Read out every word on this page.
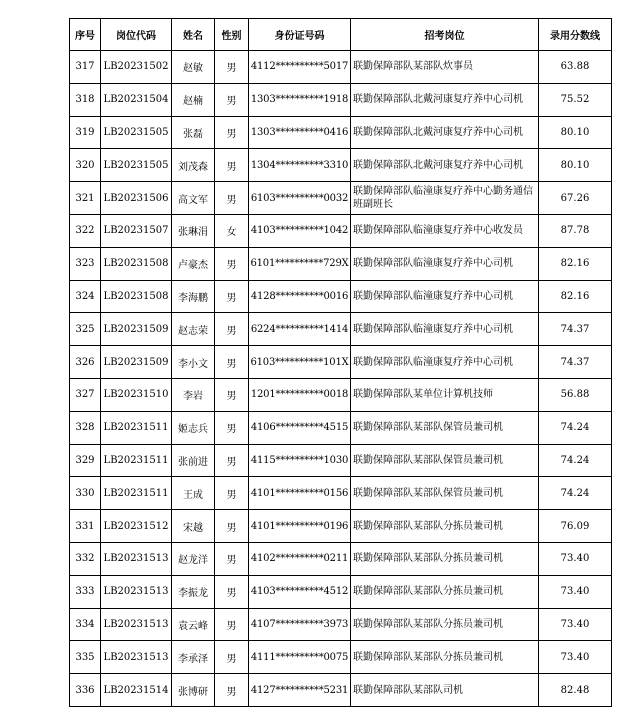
序号	岗位代码	姓名	性别	身份证号码	招考岗位	录用分数线
317	LB20231502	赵敏	男	4112**********5017	联勤保障部队某部队炊事员	63.88
318	LB20231504	赵楠	男	1303**********1918	联勤保障部队北戴河康复疗养中心司机	75.52
319	LB20231505	张磊	男	1303**********0416	联勤保障部队北戴河康复疗养中心司机	80.10
320	LB20231505	刘茂森	男	1304**********3310	联勤保障部队北戴河康复疗养中心司机	80.10
321	LB20231506	高文军	男	6103**********0032	联勤保障部队临潼康复疗养中心勤务通信班副班长	67.26
322	LB20231507	张琳涓	女	4103**********1042	联勤保障部队临潼康复疗养中心收发员	87.78
323	LB20231508	卢豪杰	男	6101**********729X	联勤保障部队临潼康复疗养中心司机	82.16
324	LB20231508	李海鹏	男	4128**********0016	联勤保障部队临潼康复疗养中心司机	82.16
325	LB20231509	赵志荣	男	6224**********1414	联勤保障部队临潼康复疗养中心司机	74.37
326	LB20231509	李小文	男	6103**********101X	联勤保障部队临潼康复疗养中心司机	74.37
327	LB20231510	李岩	男	1201**********0018	联勤保障部队某单位计算机技师	56.88
328	LB20231511	姬志兵	男	4106**********4515	联勤保障部队某部队保管员兼司机	74.24
329	LB20231511	张前进	男	4115**********1030	联勤保障部队某部队保管员兼司机	74.24
330	LB20231511	王成	男	4101**********0156	联勤保障部队某部队保管员兼司机	74.24
331	LB20231512	宋越	男	4101**********0196	联勤保障部队某部队分拣员兼司机	76.09
332	LB20231513	赵龙洋	男	4102**********0211	联勤保障部队某部队分拣员兼司机	73.40
333	LB20231513	李振龙	男	4103**********4512	联勤保障部队某部队分拣员兼司机	73.40
334	LB20231513	袁云峰	男	4107**********3973	联勤保障部队某部队分拣员兼司机	73.40
335	LB20231513	李承泽	男	4111**********0075	联勤保障部队某部队分拣员兼司机	73.40
336	LB20231514	张博研	男	4127**********5231	联勤保障部队某部队司机	82.48
